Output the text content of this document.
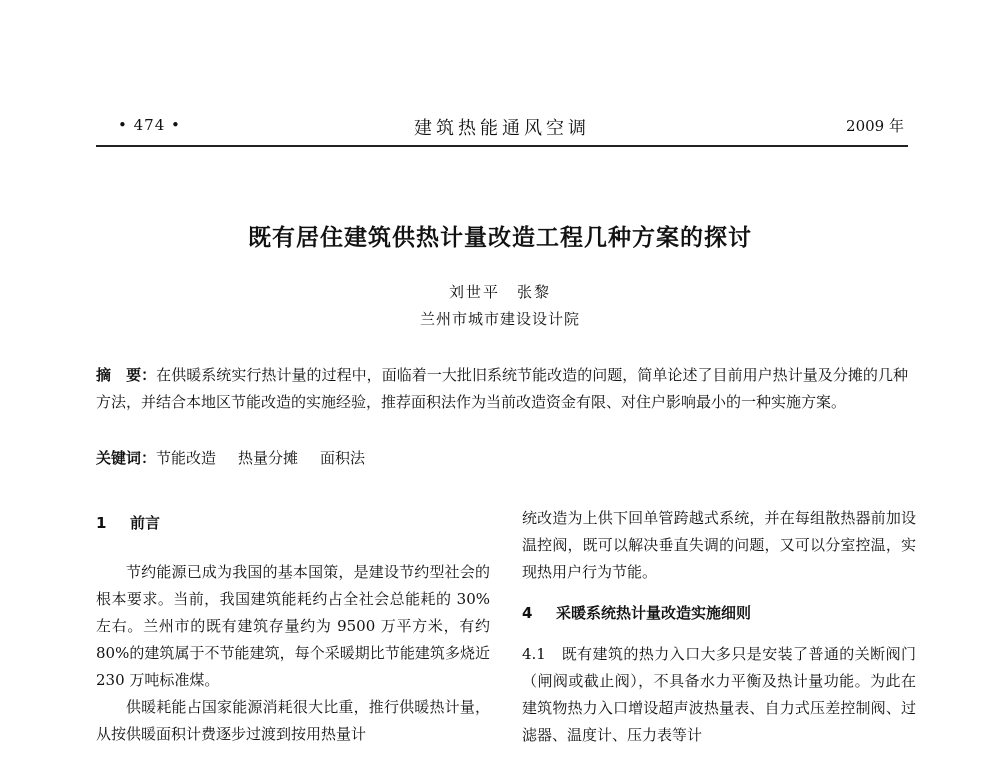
• 474 •	建筑热能通风空调	2009 年
既有居住建筑供热计量改造工程几种方案的探讨
刘世平　张黎
兰州市城市建设设计院
摘　要：在供暖系统实行热计量的过程中，面临着一大批旧系统节能改造的问题，简单论述了目前用户热计量及分摊的几种方法，并结合本地区节能改造的实施经验，推荐面积法作为当前改造资金有限、对住户影响最小的一种实施方案。
关键词：节能改造 热量分摊 面积法
1 前言

节约能源已成为我国的基本国策，是建设节约型社会的根本要求。当前，我国建筑能耗约占全社会总能耗的 30%左右。兰州市的既有建筑存量约为 9500 万平方米，有约 80%的建筑属于不节能建筑，每个采暖期比节能建筑多烧近 230 万吨标准煤。

供暖耗能占国家能源消耗很大比重，推行供暖热计量，从按供暖面积计费逐步过渡到按用热量计

统改造为上供下回单管跨越式系统，并在每组散热器前加设温控阀，既可以解决垂直失调的问题，又可以分室控温，实现热用户行为节能。

4 采暖系统热计量改造实施细则

4.1　既有建筑的热力入口大多只是安装了普通的关断阀门（闸阀或截止阀），不具备水力平衡及热计量功能。为此在建筑物热力入口增设超声波热量表、自力式压差控制阀、过滤器、温度计、压力表等计
